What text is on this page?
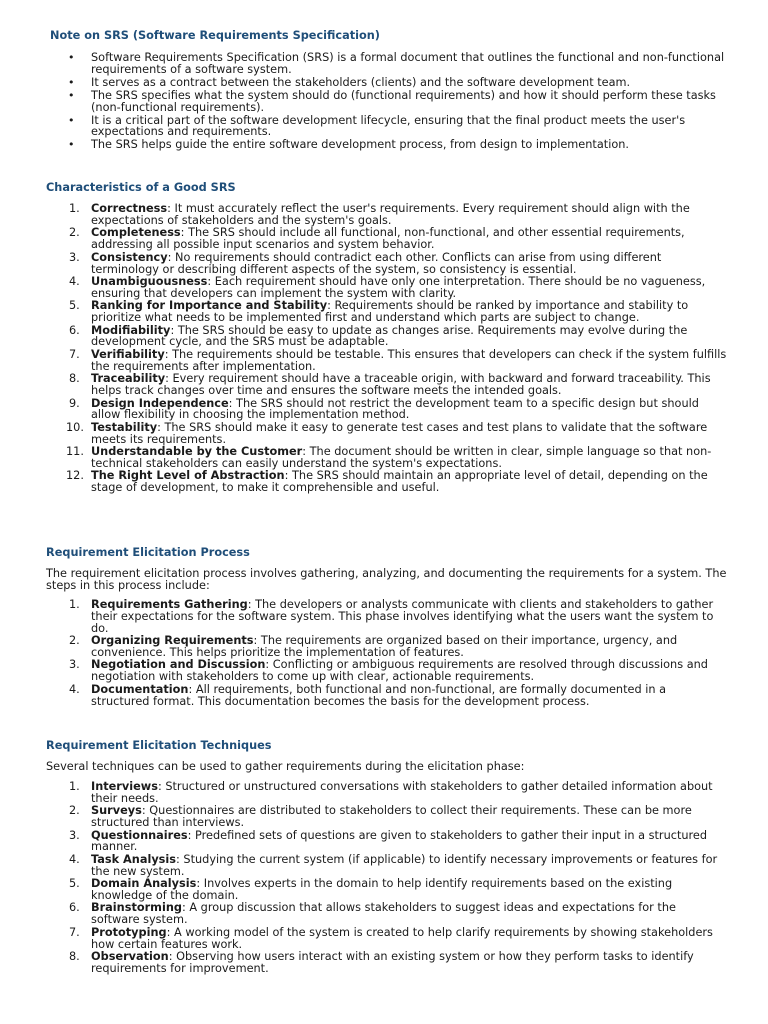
Note on SRS (Software Requirements Specification)
• Software Requirements Specification (SRS) is a formal document that outlines the functional and non-functional requirements of a software system.
• It serves as a contract between the stakeholders (clients) and the software development team.
• The SRS specifies what the system should do (functional requirements) and how it should perform these tasks (non-functional requirements).
• It is a critical part of the software development lifecycle, ensuring that the final product meets the user's expectations and requirements.
• The SRS helps guide the entire software development process, from design to implementation.
Characteristics of a Good SRS
1. Correctness: It must accurately reflect the user's requirements. Every requirement should align with the expectations of stakeholders and the system's goals.
2. Completeness: The SRS should include all functional, non-functional, and other essential requirements, addressing all possible input scenarios and system behavior.
3. Consistency: No requirements should contradict each other. Conflicts can arise from using different terminology or describing different aspects of the system, so consistency is essential.
4. Unambiguousness: Each requirement should have only one interpretation. There should be no vagueness, ensuring that developers can implement the system with clarity.
5. Ranking for Importance and Stability: Requirements should be ranked by importance and stability to prioritize what needs to be implemented first and understand which parts are subject to change.
6. Modifiability: The SRS should be easy to update as changes arise. Requirements may evolve during the development cycle, and the SRS must be adaptable.
7. Verifiability: The requirements should be testable. This ensures that developers can check if the system fulfills the requirements after implementation.
8. Traceability: Every requirement should have a traceable origin, with backward and forward traceability. This helps track changes over time and ensures the software meets the intended goals.
9. Design Independence: The SRS should not restrict the development team to a specific design but should allow flexibility in choosing the implementation method.
10. Testability: The SRS should make it easy to generate test cases and test plans to validate that the software meets its requirements.
11. Understandable by the Customer: The document should be written in clear, simple language so that non-technical stakeholders can easily understand the system's expectations.
12. The Right Level of Abstraction: The SRS should maintain an appropriate level of detail, depending on the stage of development, to make it comprehensible and useful.
Requirement Elicitation Process

The requirement elicitation process involves gathering, analyzing, and documenting the requirements for a system. The steps in this process include:

1. Requirements Gathering: The developers or analysts communicate with clients and stakeholders to gather their expectations for the software system. This phase involves identifying what the users want the system to do.
2. Organizing Requirements: The requirements are organized based on their importance, urgency, and convenience. This helps prioritize the implementation of features.
3. Negotiation and Discussion: Conflicting or ambiguous requirements are resolved through discussions and negotiation with stakeholders to come up with clear, actionable requirements.
4. Documentation: All requirements, both functional and non-functional, are formally documented in a structured format. This documentation becomes the basis for the development process.
Requirement Elicitation Techniques

Several techniques can be used to gather requirements during the elicitation phase:

1. Interviews: Structured or unstructured conversations with stakeholders to gather detailed information about their needs.
2. Surveys: Questionnaires are distributed to stakeholders to collect their requirements. These can be more structured than interviews.
3. Questionnaires: Predefined sets of questions are given to stakeholders to gather their input in a structured manner.
4. Task Analysis: Studying the current system (if applicable) to identify necessary improvements or features for the new system.
5. Domain Analysis: Involves experts in the domain to help identify requirements based on the existing knowledge of the domain.
6. Brainstorming: A group discussion that allows stakeholders to suggest ideas and expectations for the software system.
7. Prototyping: A working model of the system is created to help clarify requirements by showing stakeholders how certain features work.
8. Observation: Observing how users interact with an existing system or how they perform tasks to identify requirements for improvement.
